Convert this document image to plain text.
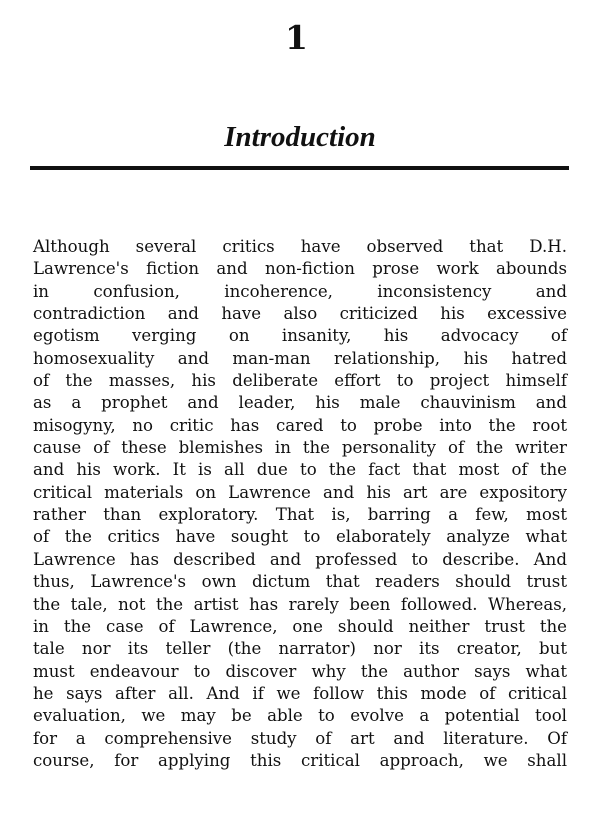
1
Introduction
Although several critics have observed that D.H.
Lawrence's fiction and non-fiction prose work abounds
in confusion, incoherence, inconsistency and
contradiction and have also criticized his excessive
egotism verging on insanity, his advocacy of
homosexuality and man-man relationship, his hatred
of the masses, his deliberate effort to project himself
as a prophet and leader, his male chauvinism and
misogyny, no critic has cared to probe into the root
cause of these blemishes in the personality of the writer
and his work. It is all due to the fact that most of the
critical materials on Lawrence and his art are expository
rather than exploratory. That is, barring a few, most
of the critics have sought to elaborately analyze what
Lawrence has described and professed to describe. And
thus, Lawrence's own dictum that readers should trust
the tale, not the artist has rarely been followed. Whereas,
in the case of Lawrence, one should neither trust the
tale nor its teller (the narrator) nor its creator, but
must endeavour to discover why the author says what
he says after all. And if we follow this mode of critical
evaluation, we may be able to evolve a potential tool
for a comprehensive study of art and literature. Of
course, for applying this critical approach, we shall
